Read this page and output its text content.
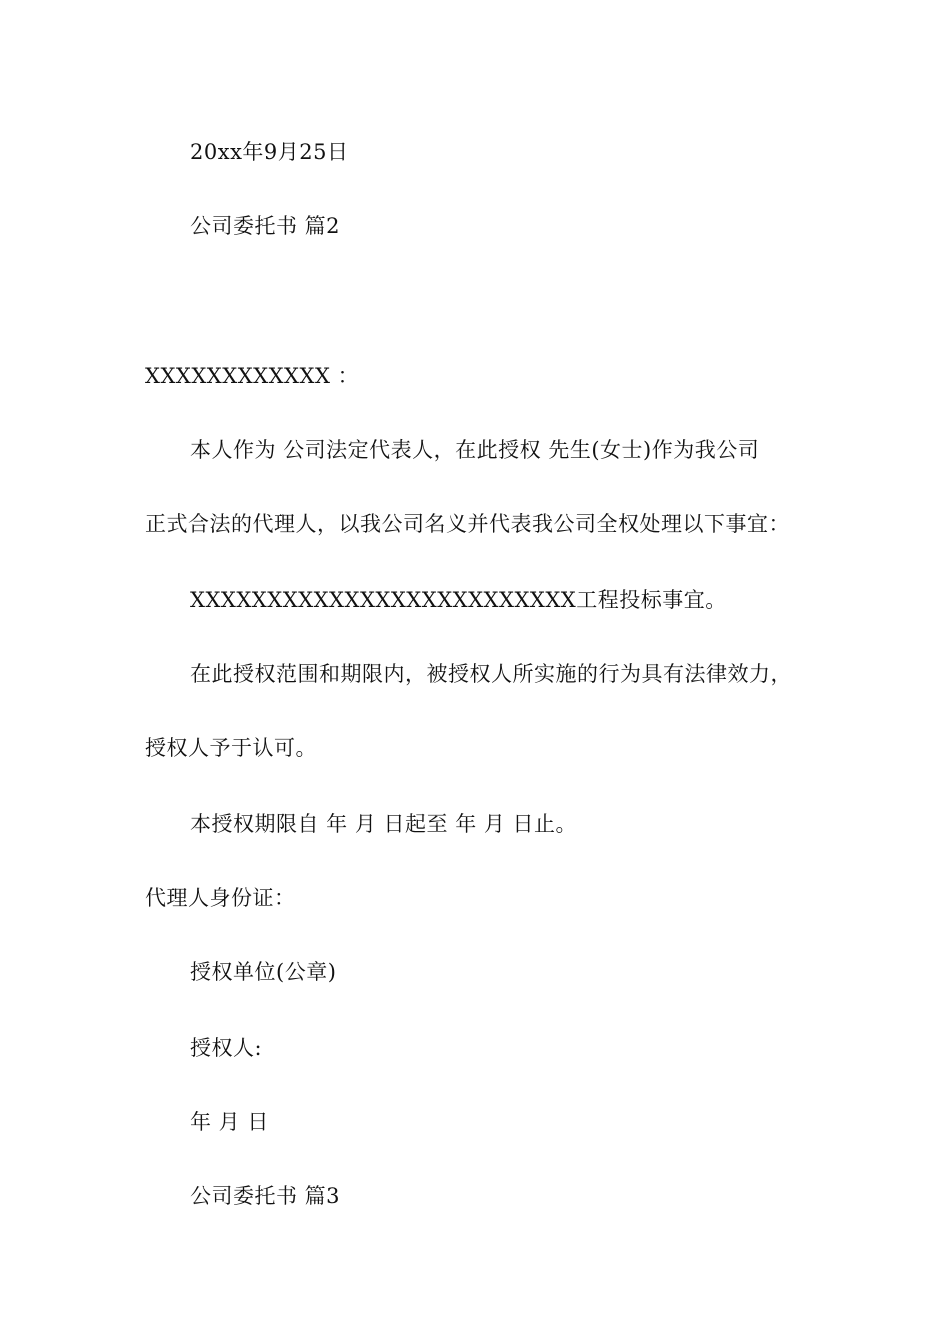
20xx年9月25日
公司委托书 篇2
XXXXXXXXXXXX ：
本人作为 公司法定代表人，在此授权 先生(女士)作为我公司
正式合法的代理人，以我公司名义并代表我公司全权处理以下事宜：
XXXXXXXXXXXXXXXXXXXXXXXXX工程投标事宜。
在此授权范围和期限内，被授权人所实施的行为具有法律效力，
授权人予于认可。
本授权期限自 年 月 日起至 年 月 日止。
代理人身份证：
授权单位(公章)
授权人:
年 月 日
公司委托书 篇3
